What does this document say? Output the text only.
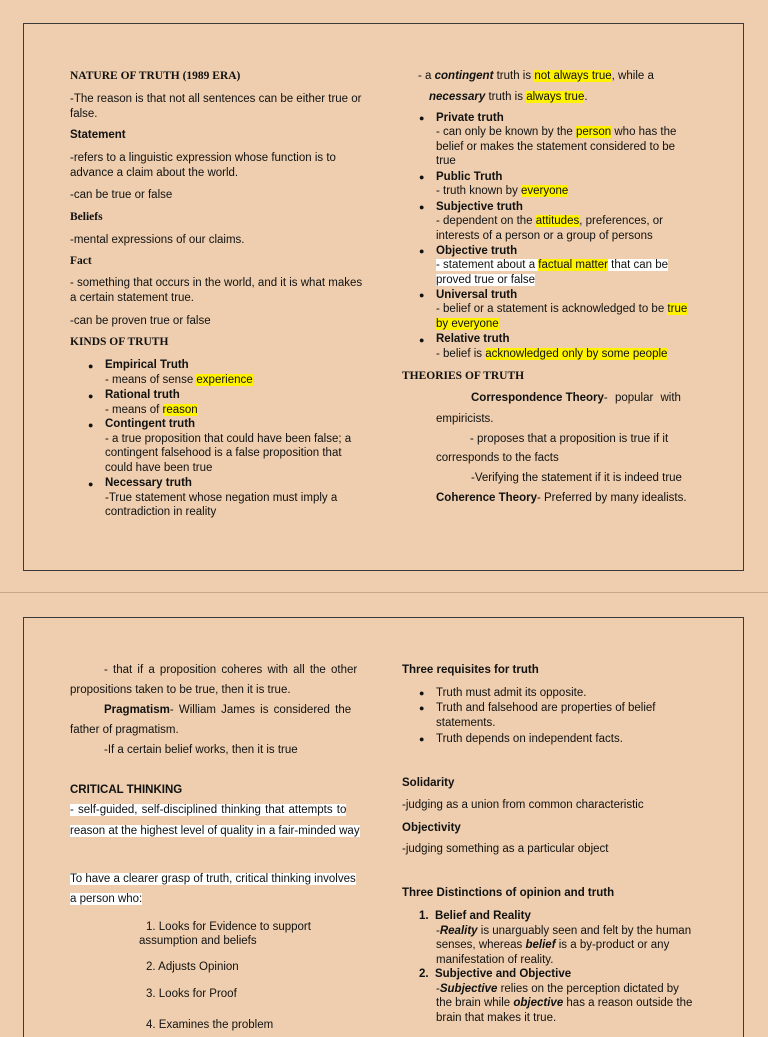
NATURE OF TRUTH (1989 ERA)
-The reason is that not all sentences can be either true or
false.
Statement
-refers to a linguistic expression whose function is to
advance a claim about the world.
-can be true or false
Beliefs
-mental expressions of our claims.
Fact
- something that occurs in the world, and it is what makes
a certain statement true.
-can be proven true or false
KINDS OF TRUTH
● Empirical Truth
- means of sense experience
● Rational truth
- means of reason
● Contingent truth
- a true proposition that could have been false; a
contingent falsehood is a false proposition that
could have been true
● Necessary truth
-True statement whose negation must imply a
contradiction in reality
- a contingent truth is not always true, while a
necessary truth is always true.
● Private truth
- can only be known by the person who has the
belief or makes the statement considered to be
true
● Public Truth
- truth known by everyone
● Subjective truth
- dependent on the attitudes, preferences, or
interests of a person or a group of persons
● Objective truth
- statement about a factual matter that can be
proved true or false
● Universal truth
- belief or a statement is acknowledged to be true
by everyone
● Relative truth
- belief is acknowledged only by some people
THEORIES OF TRUTH
Correspondence Theory- popular with
empiricists.
- proposes that a proposition is true if it
corresponds to the facts
-Verifying the statement if it is indeed true
Coherence Theory- Preferred by many idealists.
- that if a proposition coheres with all the other
propositions taken to be true, then it is true.
Pragmatism- William James is considered the
father of pragmatism.
-If a certain belief works, then it is true
CRITICAL THINKING
- self-guided, self-disciplined thinking that attempts to
reason at the highest level of quality in a fair-minded way
To have a clearer grasp of truth, critical thinking involves
a person who:
1. Looks for Evidence to support
assumption and beliefs
2. Adjusts Opinion
3. Looks for Proof
4. Examines the problem
Three requisites for truth
● Truth must admit its opposite.
● Truth and falsehood are properties of belief
statements.
● Truth depends on independent facts.
Solidarity
-judging as a union from common characteristic
Objectivity
-judging something as a particular object
Three Distinctions of opinion and truth
1.  Belief and Reality
-Reality is unarguably seen and felt by the human
senses, whereas belief is a by-product or any
manifestation of reality.
2.  Subjective and Objective
-Subjective relies on the perception dictated by
the brain while objective has a reason outside the
brain that makes it true.
